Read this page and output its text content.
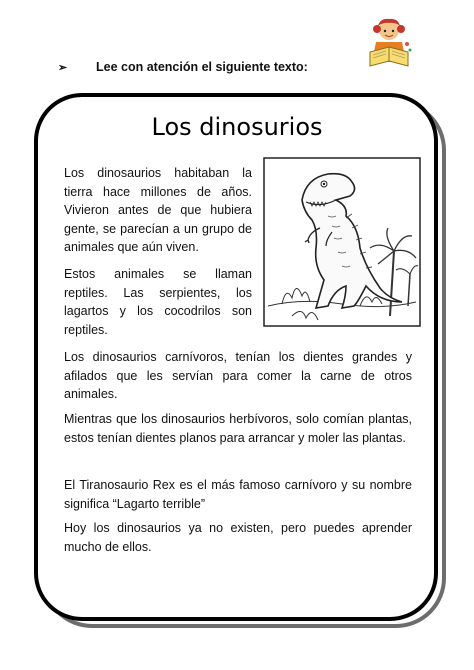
➢	Lee con atención el siguiente texto:
Los dinosurios

Los dinosaurios habitaban la tierra hace millones de años. Vivieron antes de que hubiera gente, se parecían a un grupo de animales que aún viven.

Estos animales se llaman reptiles. Las serpientes, los lagartos y los cocodrilos son reptiles.

Los dinosaurios carnívoros, tenían los dientes grandes y afilados que les servían para comer la carne de otros animales.

Mientras que los dinosaurios herbívoros, solo comían plantas, estos tenían dientes planos para arrancar y moler las plantas.

El Tiranosaurio Rex es el más famoso carnívoro y su nombre significa “Lagarto terrible”

Hoy los dinosaurios ya no existen, pero puedes aprender mucho de ellos.
